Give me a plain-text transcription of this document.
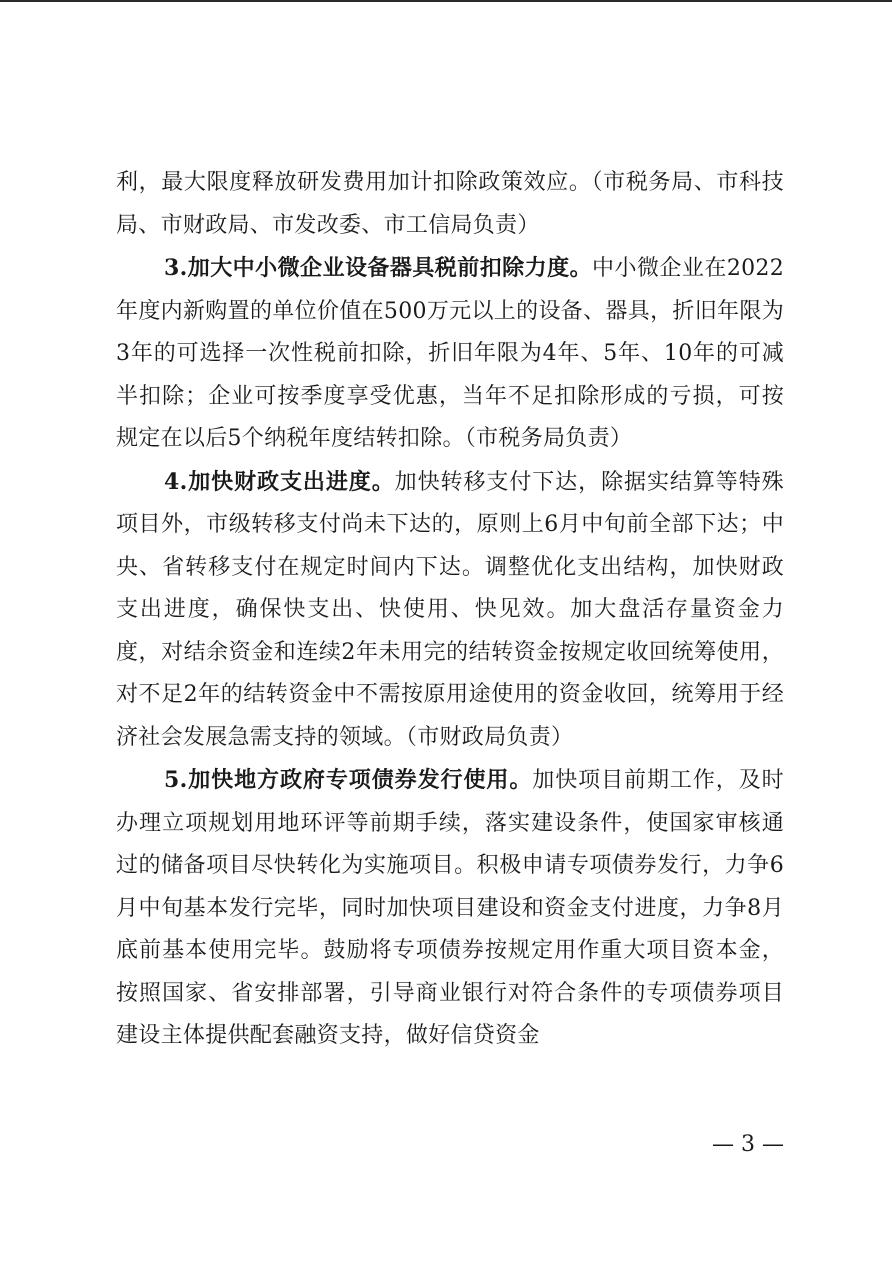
利，最大限度释放研发费用加计扣除政策效应。（市税务局、市科技局、市财政局、市发改委、市工信局负责）

3.加大中小微企业设备器具税前扣除力度。中小微企业在2022年度内新购置的单位价值在500万元以上的设备、器具，折旧年限为3年的可选择一次性税前扣除，折旧年限为4年、5年、10年的可减半扣除；企业可按季度享受优惠，当年不足扣除形成的亏损，可按规定在以后5个纳税年度结转扣除。（市税务局负责）

4.加快财政支出进度。加快转移支付下达，除据实结算等特殊项目外，市级转移支付尚未下达的，原则上6月中旬前全部下达；中央、省转移支付在规定时间内下达。调整优化支出结构，加快财政支出进度，确保快支出、快使用、快见效。加大盘活存量资金力度，对结余资金和连续2年未用完的结转资金按规定收回统筹使用，对不足2年的结转资金中不需按原用途使用的资金收回，统筹用于经济社会发展急需支持的领域。（市财政局负责）

5.加快地方政府专项债券发行使用。加快项目前期工作，及时办理立项规划用地环评等前期手续，落实建设条件，使国家审核通过的储备项目尽快转化为实施项目。积极申请专项债券发行，力争6月中旬基本发行完毕，同时加快项目建设和资金支付进度，力争8月底前基本使用完毕。鼓励将专项债券按规定用作重大项目资本金，按照国家、省安排部署，引导商业银行对符合条件的专项债券项目建设主体提供配套融资支持，做好信贷资金

— 3 —
